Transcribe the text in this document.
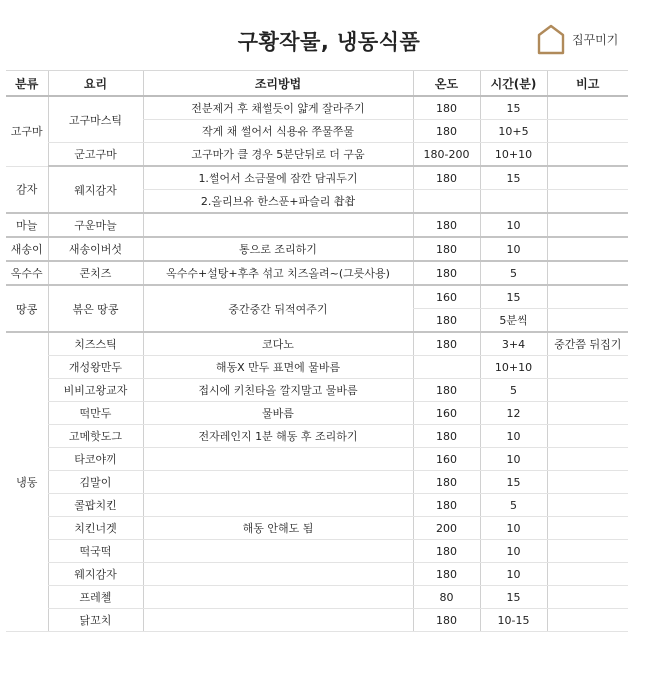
구황작물, 냉동식품	집꾸미기
분류	요리	조리방법	온도	시간(분)	비고
고구마	고구마스틱	전분제거 후 채썰듯이 얇게 잘라주기	180	15	
		작게 채 썰어서 식용유 쭈물쭈물	180	10+5	
	군고구마	고구마가 클 경우 5분단뒤로 더 구움	180-200	10+10	
감자	웨지감자	1.썰어서 소금물에 잠깐 담궈두기	180	15	
		2.올리브유 한스푼+파슬리 촵촵			
마늘	구운마늘		180	10	
새송이	새송이버섯	통으로 조리하기	180	10	
옥수수	콘치즈	옥수수+설탕+후추 섞고 치즈올려~(그릇사용)	180	5	
땅콩	볶은 땅콩	중간중간 뒤적여주기	160	15	
			180	5분씩	
냉동	치즈스틱	코다노	180	3+4	중간쯤 뒤집기
	개성왕만두	해동X 만두 표면에 물바름		10+10	
	비비고왕교자	접시에 키친타올 깔지말고 물바름	180	5	
	떡만두	물바름	160	12	
	고메핫도그	전자레인지 1분 해동 후 조리하기	180	10	
	타코야끼		160	10	
	김말이		180	15	
	콜팝치킨		180	5	
	치킨너겟	해동 안해도 됨	200	10	
	떡국떡		180	10	
	웨지감자		180	10	
	프레첼		80	15	
	닭꼬치		180	10-15	
